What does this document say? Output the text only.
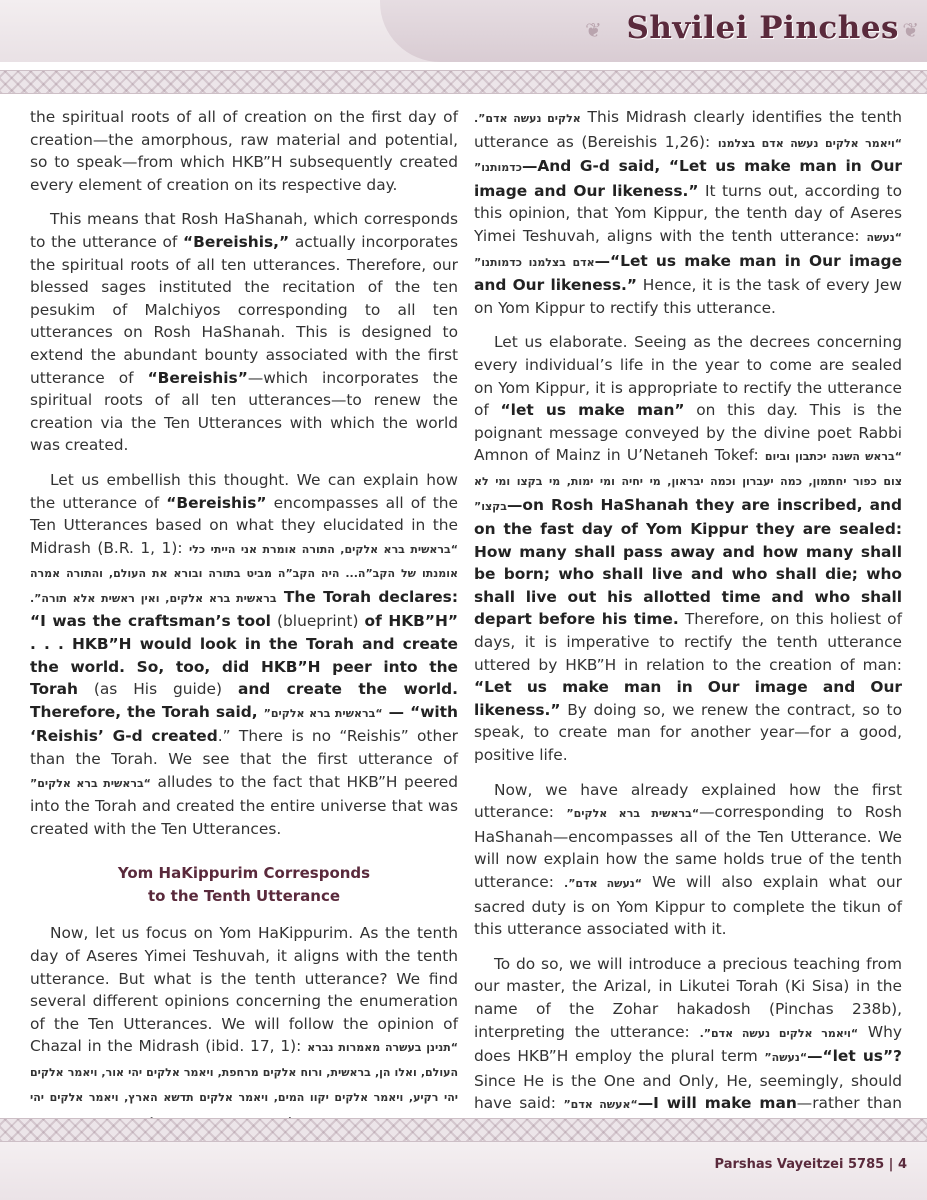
❦ Shvilei Pinches ❦

the spiritual roots of all of creation on the first day of creation—the amorphous, raw material and potential, so to speak—from which HKB”H subsequently created every element of creation on its respective day.

This means that Rosh HaShanah, which corresponds to the utterance of “Bereishis,” actually incorporates the spiritual roots of all ten utterances. Therefore, our blessed sages instituted the recitation of the ten pesukim of Malchiyos corresponding to all ten utterances on Rosh HaShanah. This is designed to extend the abundant bounty associated with the first utterance of “Bereishis”—which incorporates the spiritual roots of all ten utterances—to renew the creation via the Ten Utterances with which the world was created.

Let us embellish this thought. We can explain how the utterance of “Bereishis” encompasses all of the Ten Utterances based on what they elucidated in the Midrash (B.R. 1, 1): “בראשית ברא אלקים, התורה אומרת אני הייתי כלי אומנתו של הקב”ה... היה הקב”ה מביט בתורה ובורא את העולם, והתורה אמרה בראשית ברא אלקים, ואין ראשית אלא תורה”. The Torah declares: “I was the craftsman’s tool (blueprint) of HKB”H” . . . HKB”H would look in the Torah and create the world. So, too, did HKB”H peer into the Torah (as His guide) and create the world. Therefore, the Torah said, “בראשית ברא אלקים” — “with ‘Reishis’ G-d created.” There is no “Reishis” other than the Torah. We see that the first utterance of “בראשית ברא אלקים” alludes to the fact that HKB”H peered into the Torah and created the entire universe that was created with the Ten Utterances.

Yom HaKippurim Corresponds
to the Tenth Utterance

Now, let us focus on Yom HaKippurim. As the tenth day of Aseres Yimei Teshuvah, it aligns with the tenth utterance. But what is the tenth utterance? We find several different opinions concerning the enumeration of the Ten Utterances. We will follow the opinion of Chazal in the Midrash (ibid. 17, 1):	“תנינן בעשרה מאמרות נברא העולם, ואלו הן, בראשית, ורוח אלקים מרחפת, ויאמר אלקים יהי אור, ויאמר אלקים יהי רקיע, ויאמר אלקים יקוו המים, ויאמר אלקים תדשא הארץ, ויאמר אלקים יהי

אלקים נעשה אדם”. This Midrash clearly identifies the tenth utterance as (Bereishis 1,26): “ויאמר אלקים נעשה אדם בצלמנו כדמותנו”—And G-d said, “Let us make man in Our image and Our likeness.” It turns out, according to this opinion, that Yom Kippur, the tenth day of Aseres Yimei Teshuvah, aligns with the tenth utterance: “נעשה אדם בצלמנו כדמותנו”—“Let us make man in Our image and Our likeness.” Hence, it is the task of every Jew on Yom Kippur to rectify this utterance.

Let us elaborate. Seeing as the decrees concerning every individual’s life in the year to come are sealed on Yom Kippur, it is appropriate to rectify the utterance of “let us make man” on this day. This is the poignant message conveyed by the divine poet Rabbi Amnon of Mainz in U’Netaneh Tokef: “בראש השנה יכתבון וביום צום כפור יחתמון, כמה יעברון וכמה יבראון, מי יחיה ומי ימות, מי בקצו ומי לא בקצו”—on Rosh HaShanah they are inscribed, and on the fast day of Yom Kippur they are sealed: How many shall pass away and how many shall be born; who shall live and who shall die; who shall live out his allotted time and who shall depart before his time. Therefore, on this holiest of days, it is imperative to rectify the tenth utterance uttered by HKB”H in relation to the creation of man: “Let us make man in Our image and Our likeness.” By doing so, we renew the contract, so to speak, to create man for another year—for a good, positive life.

Now, we have already explained how the first utterance: “בראשית ברא אלקים”—corresponding to Rosh HaShanah—encompasses all of the Ten Utterance. We will now explain how the same holds true of the tenth utterance: “נעשה אדם”. We will also explain what our sacred duty is on Yom Kippur to complete the tikun of this utterance associated with it.

To do so, we will introduce a precious teaching from our master, the Arizal, in Likutei Torah (Ki Sisa) in the name of the Zohar hakadosh (Pinchas 238b), interpreting the utterance: “ויאמר אלקים נעשה אדם”. Why does HKB”H employ the plural term “נעשה”—“let us”? Since He is the One and Only, He, seemingly, should have said: “אעשה אדם”—I will make man—rather than

Parshas Vayeitzei 5785 | 4
